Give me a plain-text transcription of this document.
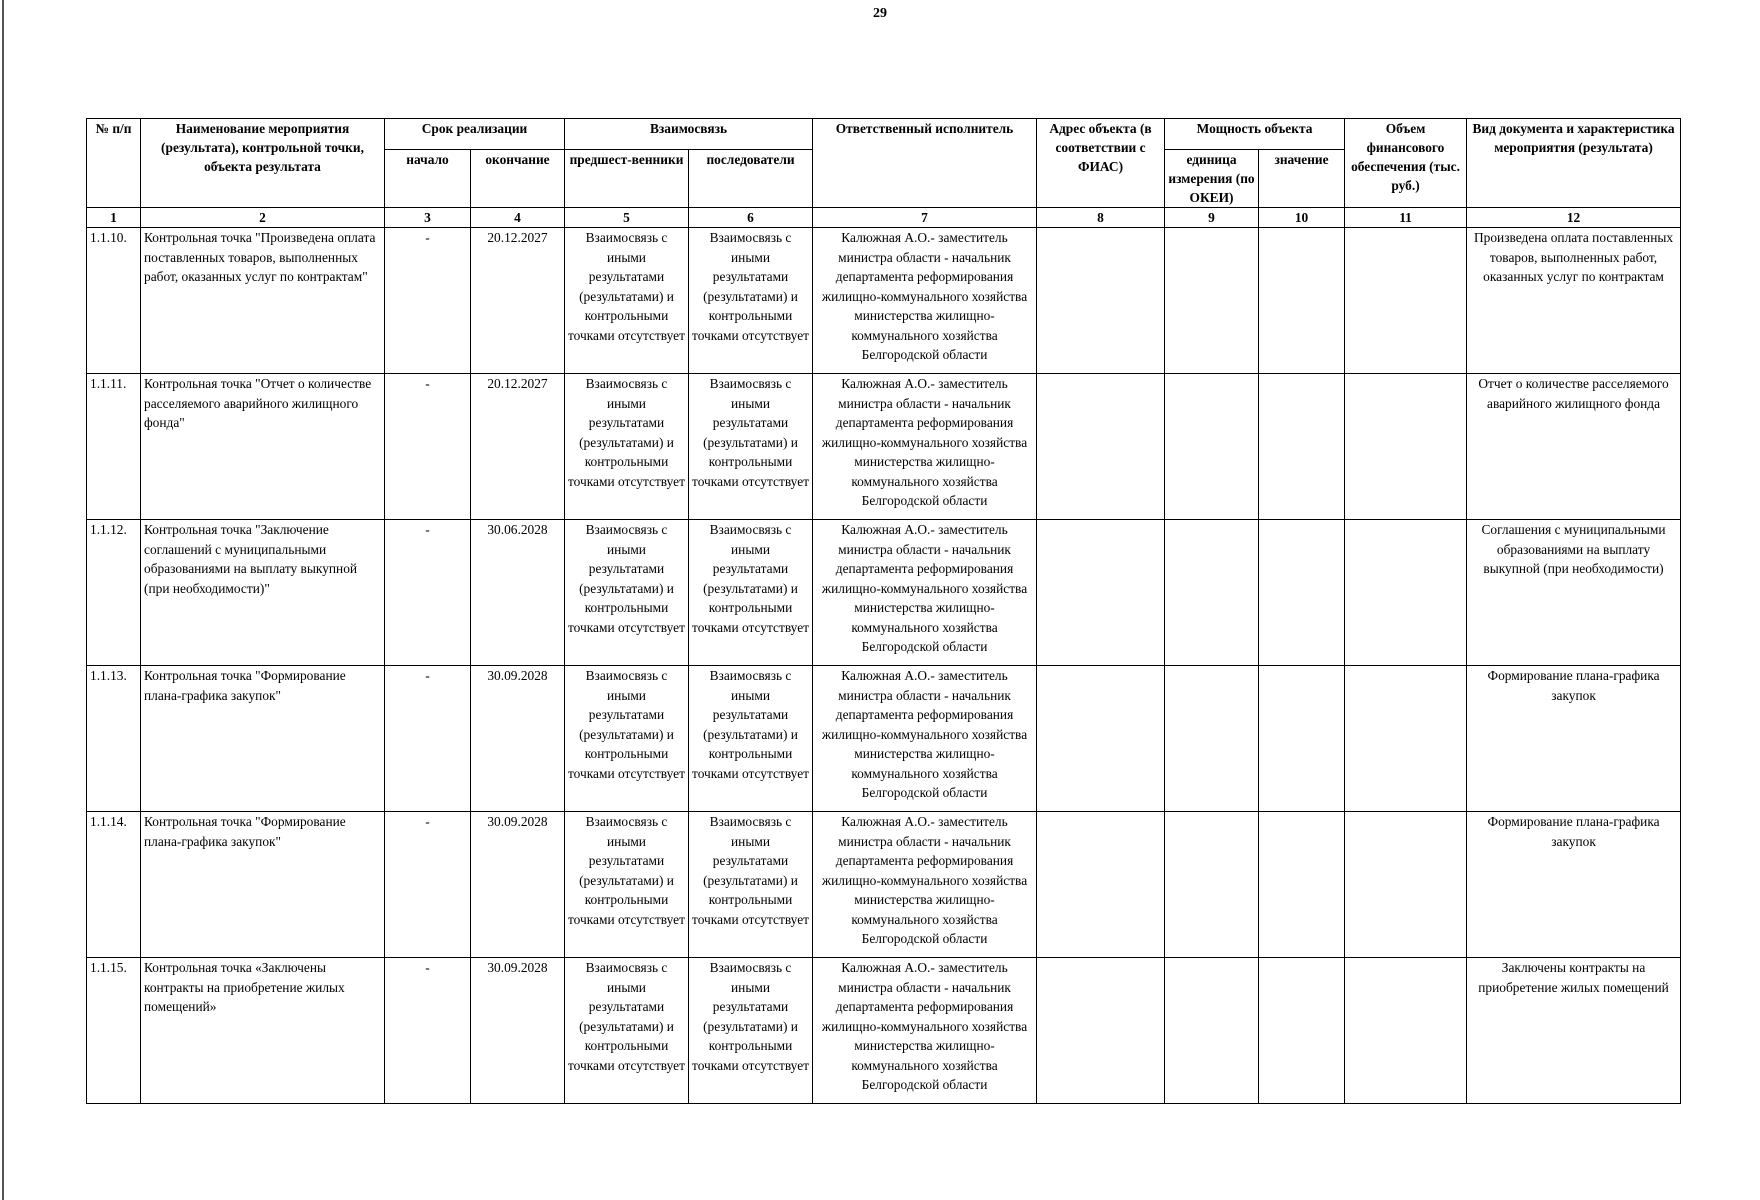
29
№ п/п	Наименование мероприятия (результата), контрольной точки, объекта результата	Срок реализации		Взаимосвязь		Ответственный исполнитель	Адрес объекта (в соответствии с ФИАС)	Мощность объекта		Объем финансового обеспечения (тыс. руб.)	Вид документа и характеристика мероприятия (результата)
		начало	окончание	предшест-венники	последователи			единица измерения (по ОКЕИ)	значение		
1	2	3	4	5	6	7	8	9	10	11	12
1.1.10.	Контрольная точка "Произведена оплата поставленных товаров, выполненных работ, оказанных услуг по контрактам"	-	20.12.2027	Взаимосвязь с иными результатами (результатами) и контрольными точками отсутствует	Взаимосвязь с иными результатами (результатами) и контрольными точками отсутствует	Калюжная А.О.- заместитель министра области - начальник департамента реформирования жилищно-коммунального хозяйства министерства жилищно-коммунального хозяйства Белгородской области					Произведена оплата поставленных товаров, выполненных работ, оказанных услуг по контрактам
1.1.11.	Контрольная точка "Отчет о количестве расселяемого аварийного жилищного фонда"	-	20.12.2027	Взаимосвязь с иными результатами (результатами) и контрольными точками отсутствует	Взаимосвязь с иными результатами (результатами) и контрольными точками отсутствует	Калюжная А.О.- заместитель министра области - начальник департамента реформирования жилищно-коммунального хозяйства министерства жилищно-коммунального хозяйства Белгородской области					Отчет о количестве расселяемого аварийного жилищного фонда
1.1.12.	Контрольная точка "Заключение соглашений с муниципальными образованиями на выплату выкупной (при необходимости)"	-	30.06.2028	Взаимосвязь с иными результатами (результатами) и контрольными точками отсутствует	Взаимосвязь с иными результатами (результатами) и контрольными точками отсутствует	Калюжная А.О.- заместитель министра области - начальник департамента реформирования жилищно-коммунального хозяйства министерства жилищно-коммунального хозяйства Белгородской области					Соглашения с муниципальными образованиями на выплату выкупной (при необходимости)
1.1.13.	Контрольная точка "Формирование плана-графика закупок"	-	30.09.2028	Взаимосвязь с иными результатами (результатами) и контрольными точками отсутствует	Взаимосвязь с иными результатами (результатами) и контрольными точками отсутствует	Калюжная А.О.- заместитель министра области - начальник департамента реформирования жилищно-коммунального хозяйства министерства жилищно-коммунального хозяйства Белгородской области					Формирование плана-графика закупок
1.1.14.	Контрольная точка "Формирование плана-графика закупок"	-	30.09.2028	Взаимосвязь с иными результатами (результатами) и контрольными точками отсутствует	Взаимосвязь с иными результатами (результатами) и контрольными точками отсутствует	Калюжная А.О.- заместитель министра области - начальник департамента реформирования жилищно-коммунального хозяйства министерства жилищно-коммунального хозяйства Белгородской области					Формирование плана-графика закупок
1.1.15.	Контрольная точка «Заключены контракты на приобретение жилых помещений»	-	30.09.2028	Взаимосвязь с иными результатами (результатами) и контрольными точками отсутствует	Взаимосвязь с иными результатами (результатами) и контрольными точками отсутствует	Калюжная А.О.- заместитель министра области - начальник департамента реформирования жилищно-коммунального хозяйства министерства жилищно-коммунального хозяйства Белгородской области					Заключены контракты на приобретение жилых помещений
